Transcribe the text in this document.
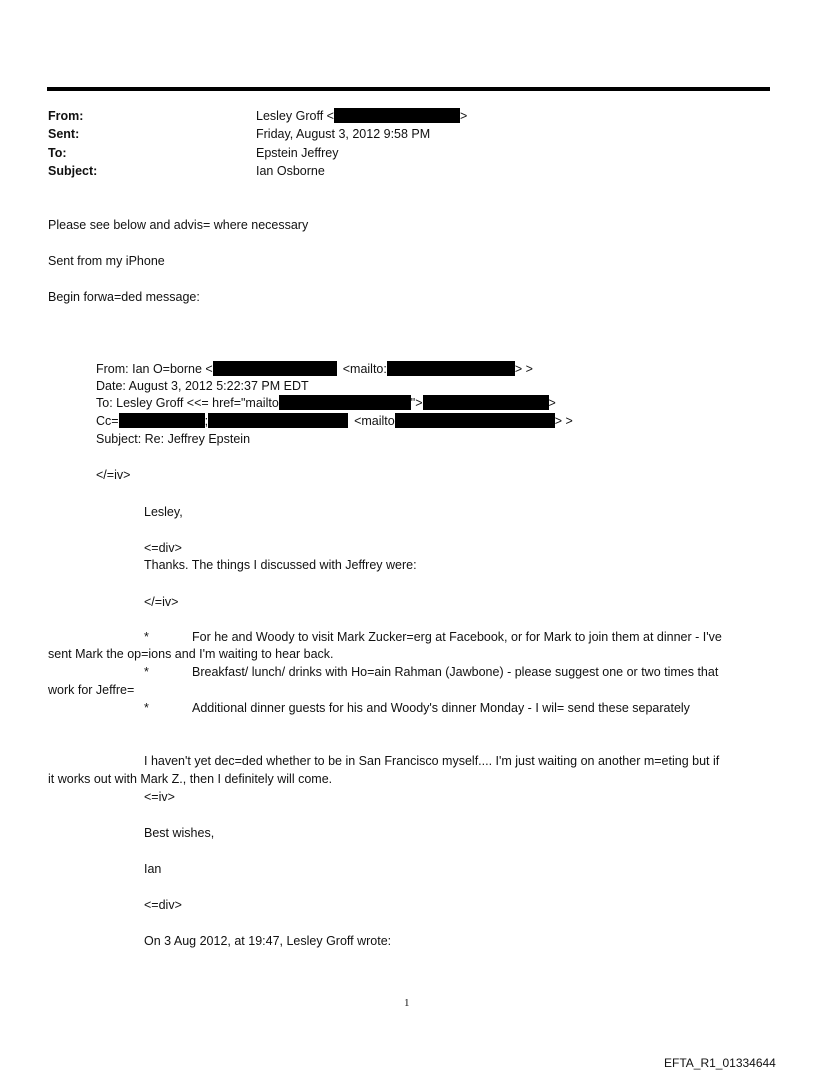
From:	Lesley Groff <	>
Sent:	Friday, August 3, 2012 9:58 PM
To:	Epstein Jeffrey
Subject:	Ian Osborne
Please see below and advis= where necessary
Sent from my iPhone
Begin forwa=ded message:
From: Ian O=borne <	<mailto:	> >
Date: August 3, 2012 5:22:37 PM EDT
To: Lesley Groff <<= href="mailto	">	>
Cc=	;	<mailto	> >
Subject: Re: Jeffrey Epstein
</=iv>
Lesley,
<=div>
Thanks. The things I discussed with Jeffrey were:
</=iv>
*	For he and Woody to visit Mark Zucker=erg at Facebook, or for Mark to join them at dinner - I've
sent Mark the op=ions and I'm waiting to hear back.
*	Breakfast/ lunch/ drinks with Ho=ain Rahman (Jawbone) - please suggest one or two times that
work for Jeffre=
*	Additional dinner guests for his and Woody's dinner Monday - I wil= send these separately
I haven't yet dec=ded whether to be in San Francisco myself.... I'm just waiting on another m=eting but if
it works out with Mark Z., then I definitely will come.
<=iv>
Best wishes,
Ian
<=div>
On 3 Aug 2012, at 19:47, Lesley Groff wrote:
1
EFTA_R1_01334644
